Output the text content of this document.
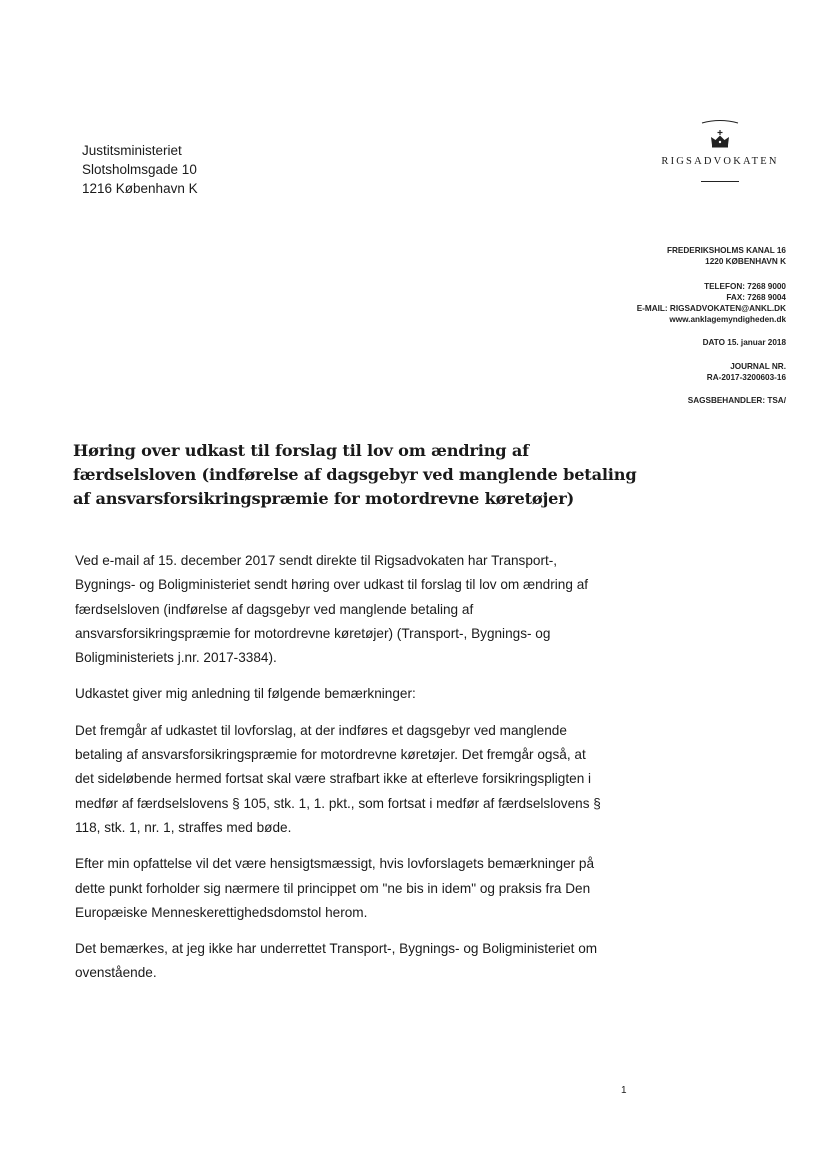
Justitsministeriet
Slotsholmsgade 10
1216 København K
RIGSADVOKATEN
FREDERIKSHOLMS KANAL 16
1220 KØBENHAVN K
TELEFON: 7268 9000
FAX: 7268 9004
E-MAIL: RIGSADVOKATEN@ANKL.DK
www.anklagemyndigheden.dk
DATO 15. januar 2018
JOURNAL NR.
RA-2017-3200603-16
SAGSBEHANDLER: TSA/
Høring over udkast til forslag til lov om ændring af
færdselsloven (indførelse af dagsgebyr ved manglende betaling
af ansvarsforsikringspræmie for motordrevne køretøjer)
Ved e-mail af 15. december 2017 sendt direkte til Rigsadvokaten har Transport-,
Bygnings- og Boligministeriet sendt høring over udkast til forslag til lov om ændring af
færdselsloven (indførelse af dagsgebyr ved manglende betaling af
ansvarsforsikringspræmie for motordrevne køretøjer) (Transport-, Bygnings- og
Boligministeriets j.nr. 2017-3384).
Udkastet giver mig anledning til følgende bemærkninger:
Det fremgår af udkastet til lovforslag, at der indføres et dagsgebyr ved manglende
betaling af ansvarsforsikringspræmie for motordrevne køretøjer. Det fremgår også, at
det sideløbende hermed fortsat skal være strafbart ikke at efterleve forsikringspligten i
medfør af færdselslovens § 105, stk. 1, 1. pkt., som fortsat i medfør af færdselslovens §
118, stk. 1, nr. 1, straffes med bøde.
Efter min opfattelse vil det være hensigtsmæssigt, hvis lovforslagets bemærkninger på
dette punkt forholder sig nærmere til princippet om "ne bis in idem" og praksis fra Den
Europæiske Menneskerettighedsdomstol herom.
Det bemærkes, at jeg ikke har underrettet Transport-, Bygnings- og Boligministeriet om
ovenstående.
1
